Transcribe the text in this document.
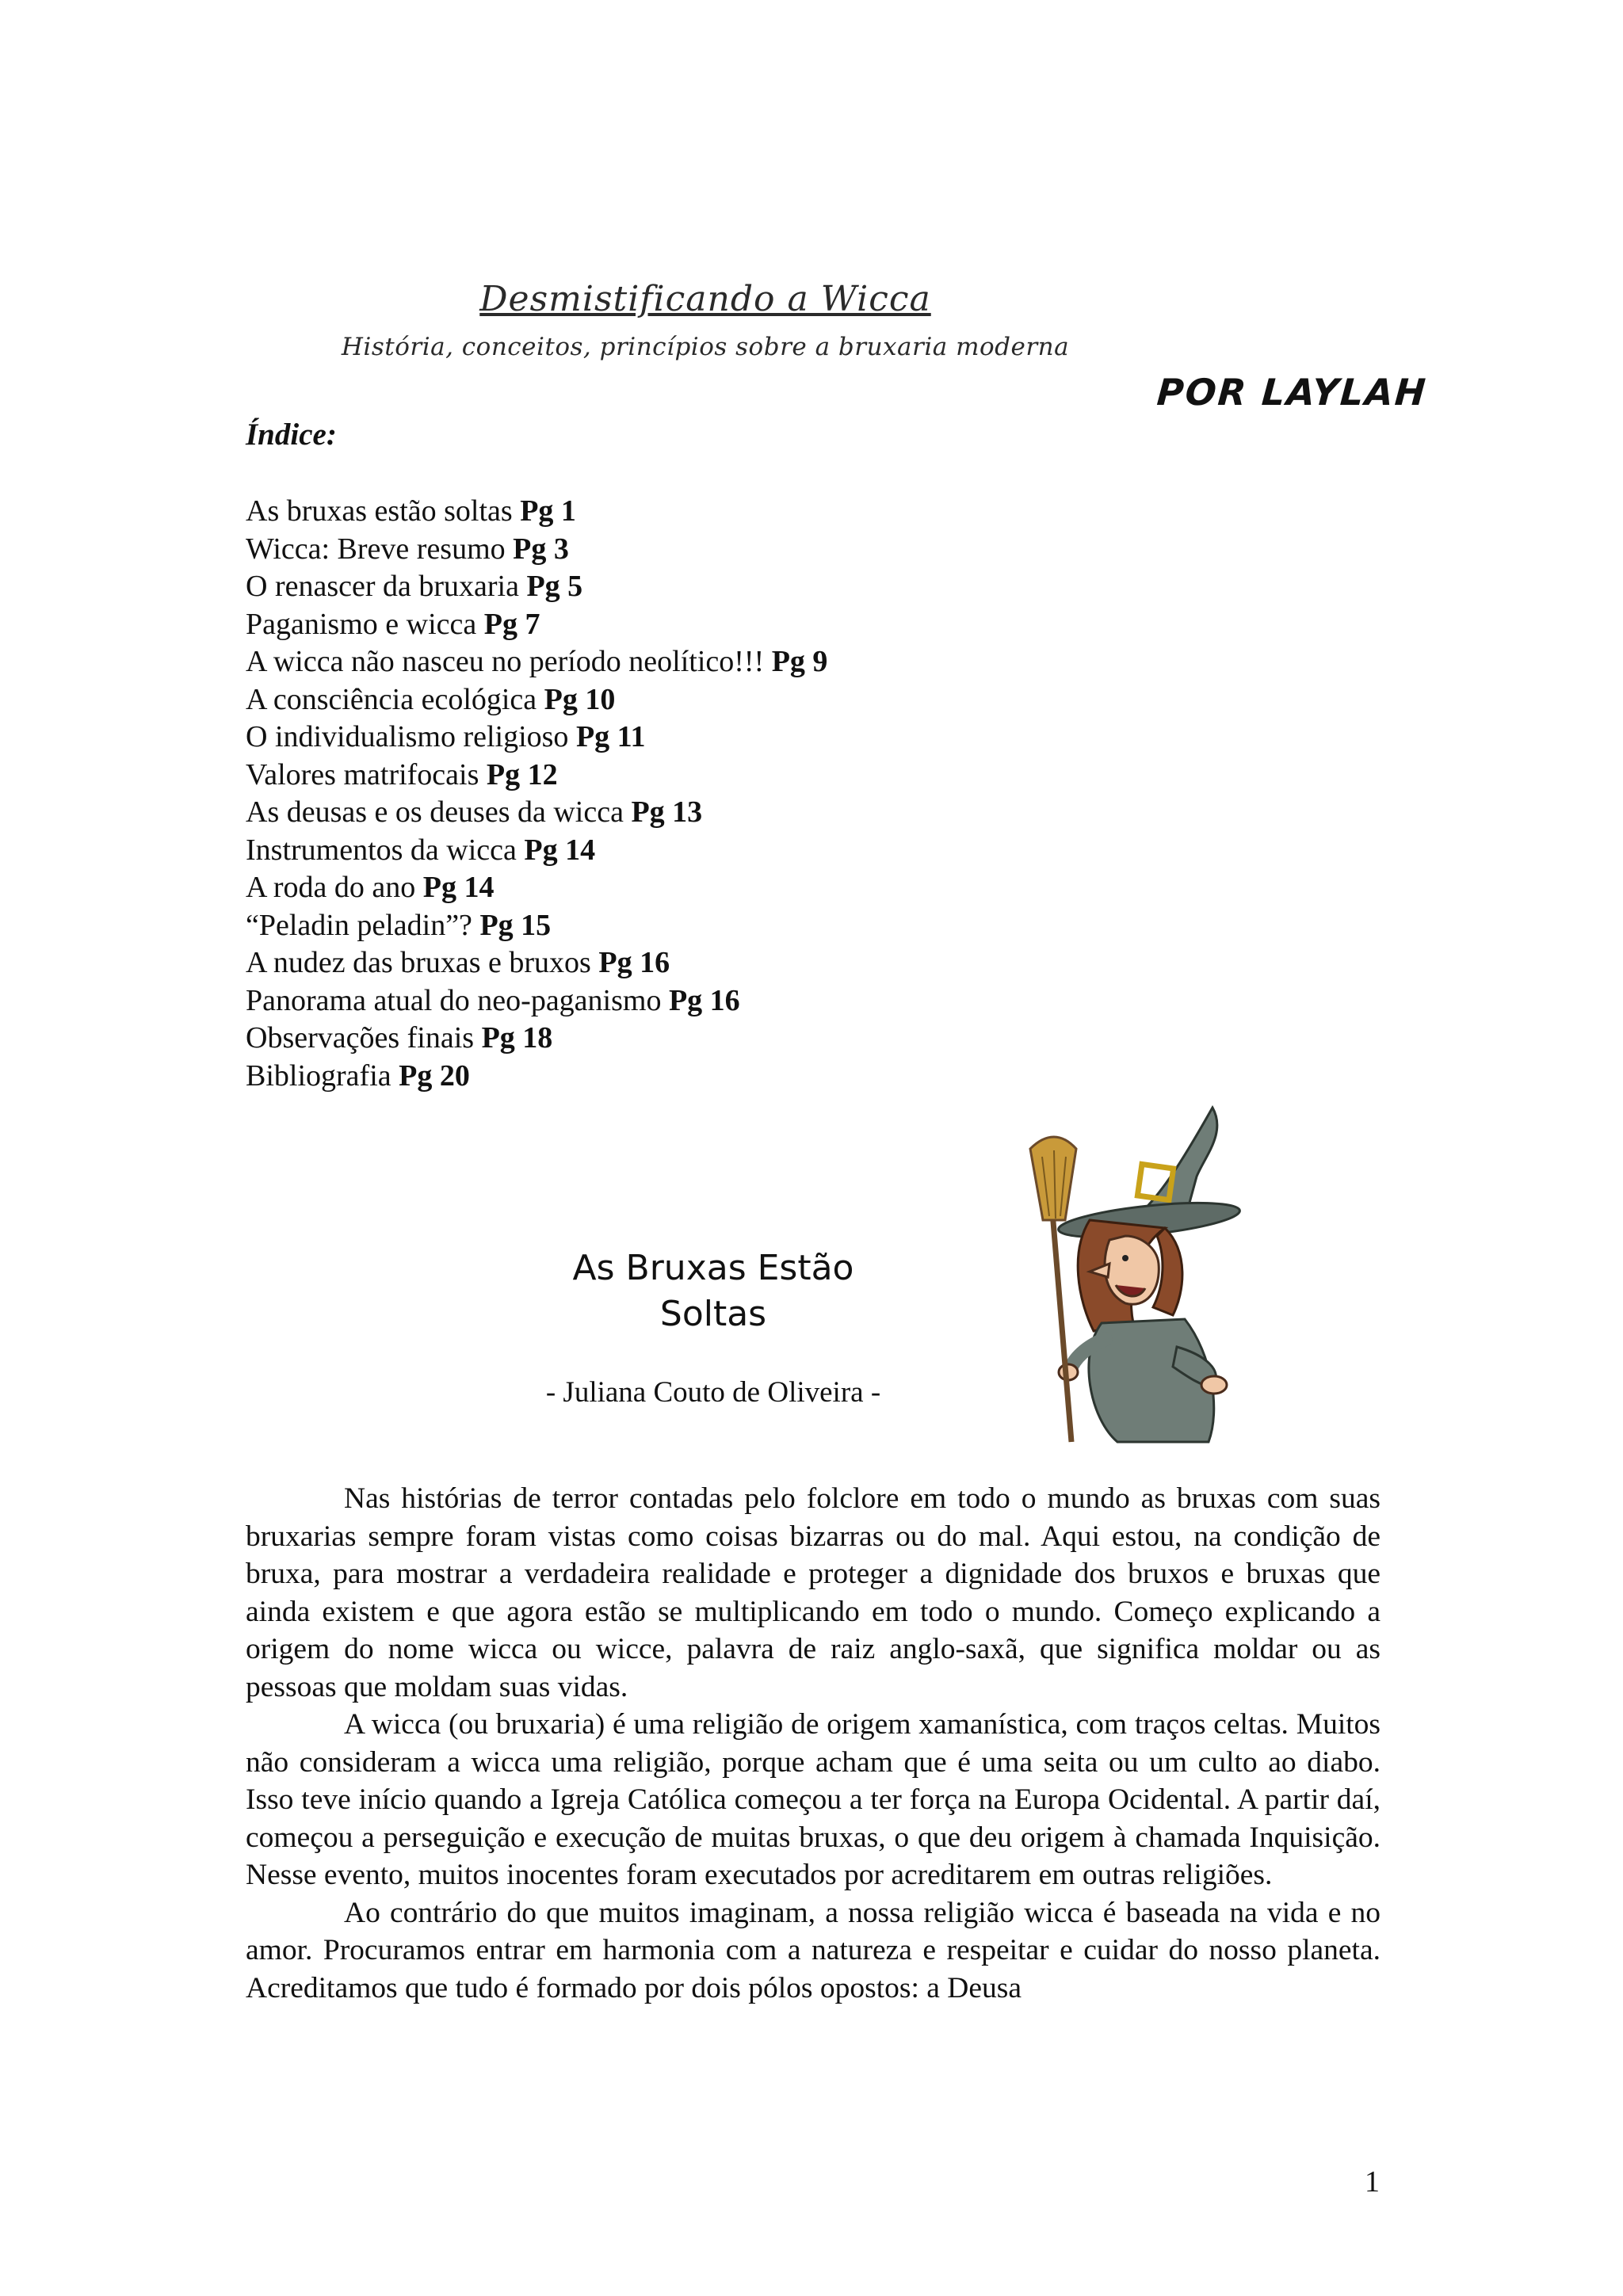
Desmistificando a Wicca
História, conceitos, princípios sobre a bruxaria moderna
POR LAYLAH
Índice:
As bruxas estão soltas Pg 1
Wicca: Breve resumo Pg 3
O renascer da bruxaria Pg 5
Paganismo e wicca Pg 7
A wicca não nasceu no período neolítico!!! Pg 9
A consciência ecológica Pg 10
O individualismo religioso Pg 11
Valores matrifocais Pg 12
As deusas e os deuses da wicca Pg 13
Instrumentos da wicca Pg 14
A roda do ano Pg 14
“Peladin peladin”? Pg 15
A nudez das bruxas e bruxos Pg 16
Panorama atual do neo-paganismo Pg 16
Observações finais Pg 18
Bibliografia Pg 20
As Bruxas Estão
Soltas
- Juliana Couto de Oliveira -

Nas histórias de terror contadas pelo folclore em todo o mundo as bruxas com suas bruxarias sempre foram vistas como coisas bizarras ou do mal. Aqui estou, na condição de bruxa, para mostrar a verdadeira realidade e proteger a dignidade dos bruxos e bruxas que ainda existem e que agora estão se multiplicando em todo o mundo. Começo explicando a origem do nome wicca ou wicce, palavra de raiz anglo-saxã, que significa moldar ou as pessoas que moldam suas vidas.

A wicca (ou bruxaria) é uma religião de origem xamanística, com traços celtas. Muitos não consideram a wicca uma religião, porque acham que é uma seita ou um culto ao diabo. Isso teve início quando a Igreja Católica começou a ter força na Europa Ocidental. A partir daí, começou a perseguição e execução de muitas bruxas, o que deu origem à chamada Inquisição. Nesse evento, muitos inocentes foram executados por acreditarem em outras religiões.

Ao contrário do que muitos imaginam, a nossa religião wicca é baseada na vida e no amor. Procuramos entrar em harmonia com a natureza e respeitar e cuidar do nosso planeta. Acreditamos que tudo é formado por dois pólos opostos: a Deusa

1
